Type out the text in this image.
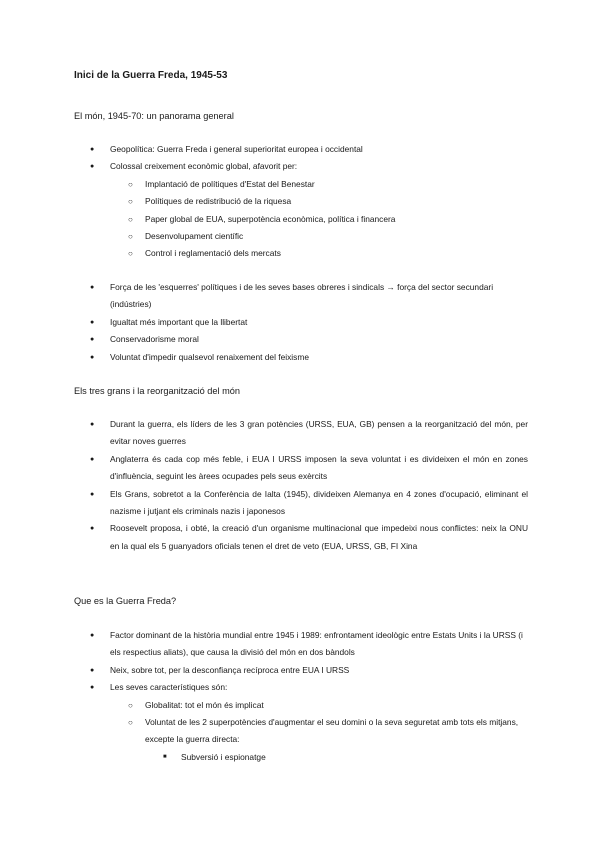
Inici de la Guerra Freda, 1945-53
El món, 1945-70: un panorama general
● Geopolítica: Guerra Freda i general superioritat europea i occidental
● Colossal creixement econòmic global, afavorit per:
○ Implantació de polítiques d'Estat del Benestar
○ Polítiques de redistribució de la riquesa
○ Paper global de EUA, superpotència econòmica, política i financera
○ Desenvolupament científic
○ Control i reglamentació dels mercats
● Força de les 'esquerres' polítiques i de les seves bases obreres i sindicals → força del sector secundari (indústries)
● Igualtat més important que la llibertat
● Conservadorisme moral
● Voluntat d'impedir qualsevol renaixement del feixisme
Els tres grans i la reorganització del món
● Durant la guerra, els líders de les 3 gran potències (URSS, EUA, GB) pensen a la reorganització del món, per evitar noves guerres
● Anglaterra és cada cop més feble, i EUA I URSS imposen la seva voluntat i es divideixen el món en zones d'influència, seguint les àrees ocupades pels seus exèrcits
● Els Grans, sobretot a la Conferència de Ialta (1945), divideixen Alemanya en 4 zones d'ocupació, eliminant el nazisme i jutjant els criminals nazis i japonesos
● Roosevelt proposa, i obté, la creació d'un organisme multinacional que impedeixi nous conflictes: neix la ONU en la qual els 5 guanyadors oficials tenen el dret de veto (EUA, URSS, GB, FI Xina
Que es la Guerra Freda?
● Factor dominant de la història mundial entre 1945 i 1989: enfrontament ideològic entre Estats Units i la URSS (i els respectius aliats), que causa la divisió del món en dos bàndols
● Neix, sobre tot, per la desconfiança recíproca entre EUA I URSS
● Les seves característiques són:
○ Globalitat: tot el món és implicat
○ Voluntat de les 2 superpotències d'augmentar el seu domini o la seva seguretat amb tots els mitjans, excepte la guerra directa:
■ Subversió i espionatge
